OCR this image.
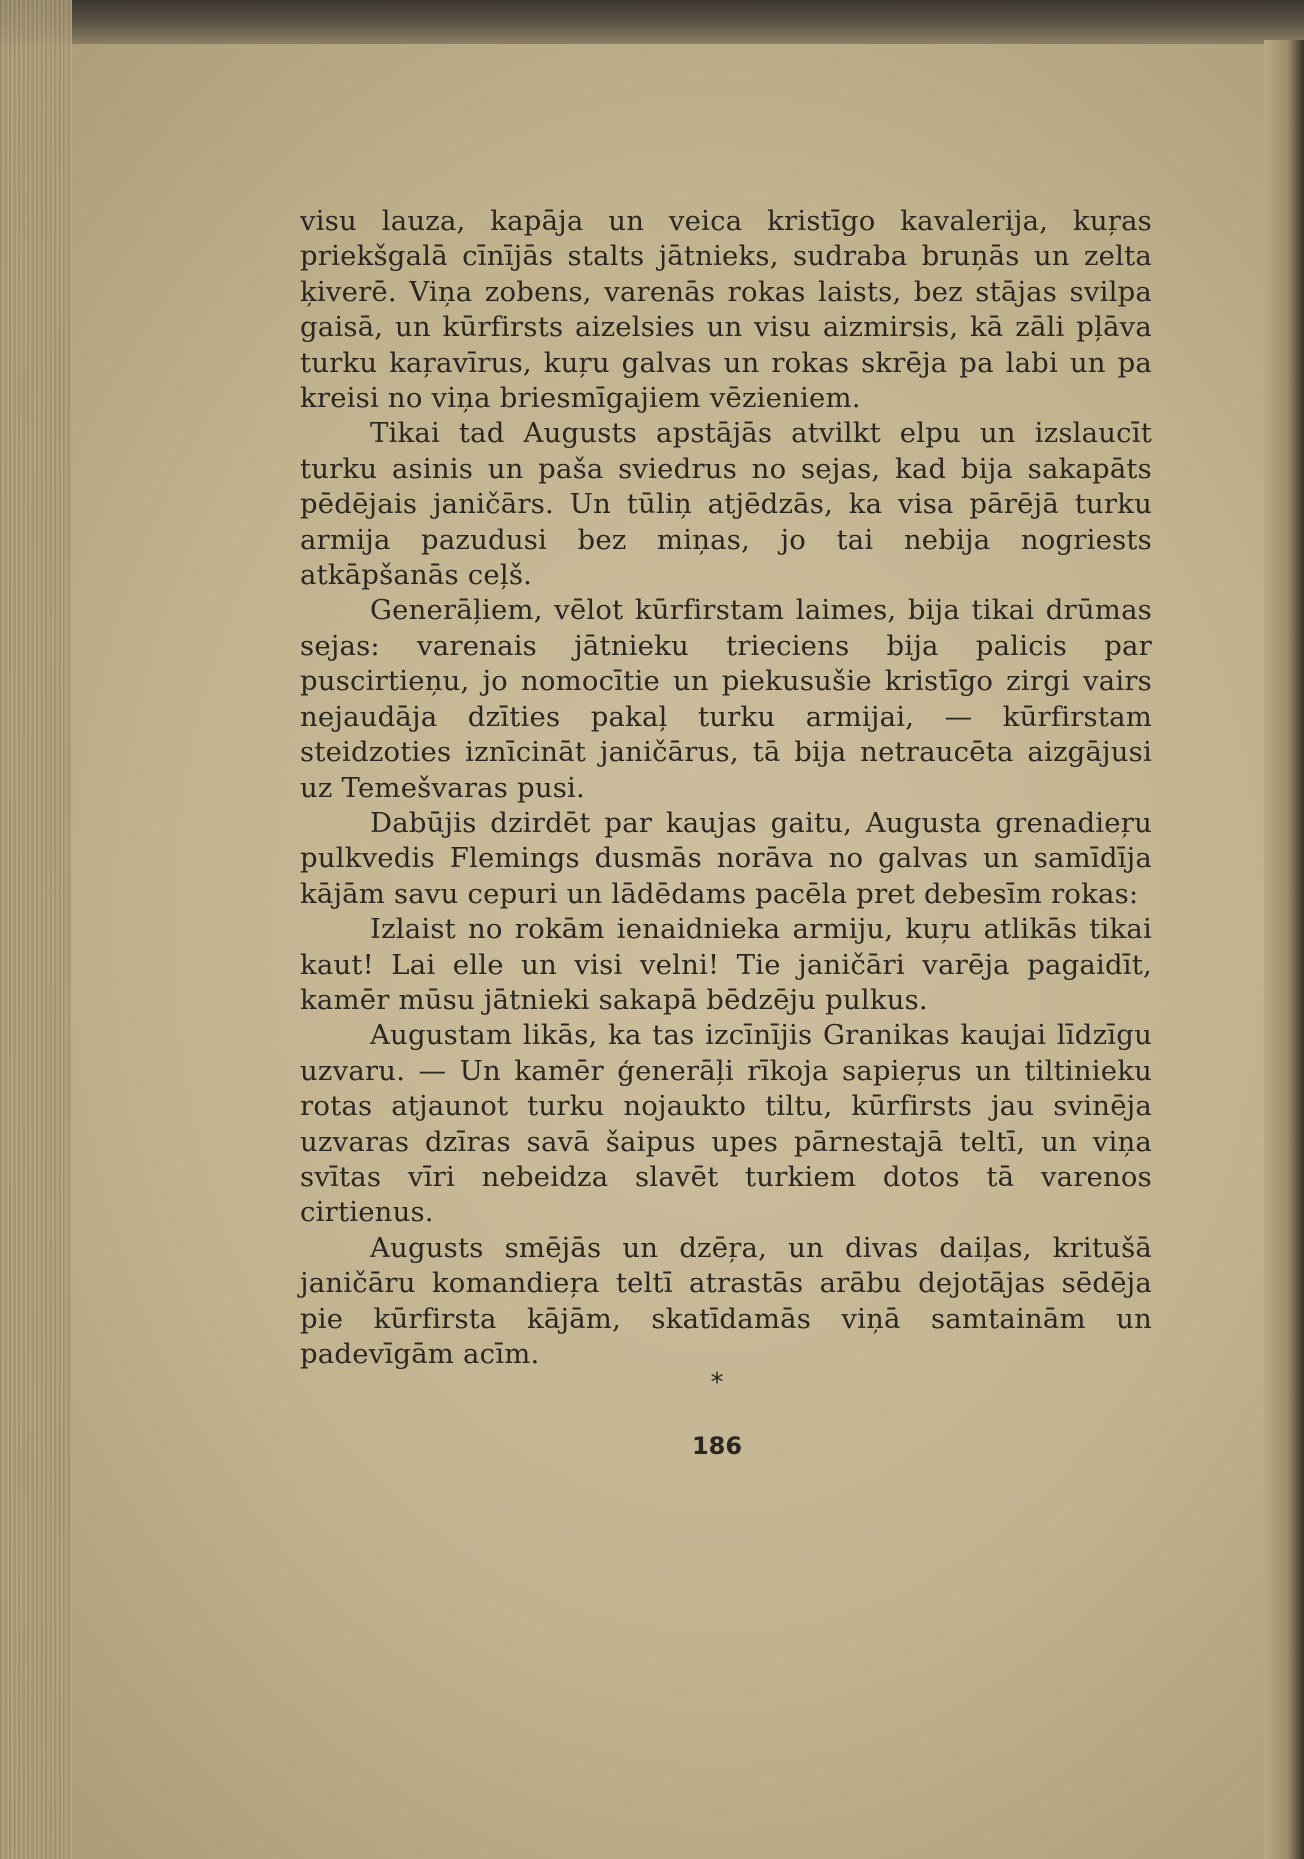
visu lauza, kapāja un veica kristīgo kavalerija, kuŗas priekšgalā cīnījās stalts jātnieks, sudraba bruņās un zelta ķiverē. Viņa zobens, varenās rokas laists, bez stājas svilpa gaisā, un kūrfirsts aizelsies un visu aizmirsis, kā zāli pļāva turku kaŗavīrus, kuŗu galvas un rokas skrēja pa labi un pa kreisi no viņa briesmīgajiem vēzieniem.

Tikai tad Augusts apstājās atvilkt elpu un izslaucīt turku asinis un paša sviedrus no sejas, kad bija sakapāts pēdējais janičārs. Un tūliņ atjēdzās, ka visa pārējā turku armija pazudusi bez miņas, jo tai nebija nogriests atkāpšanās ceļš.

Generāļiem, vēlot kūrfirstam laimes, bija tikai drūmas sejas: varenais jātnieku trieciens bija palicis par puscirtieņu, jo nomocītie un piekusušie kristīgo zirgi vairs nejaudāja dzīties pakaļ turku armijai, — kūrfirstam steidzoties iznīcināt janičārus, tā bija netraucēta aizgājusi uz Temešvaras pusi.

Dabūjis dzirdēt par kaujas gaitu, Augusta grenadieŗu pulkvedis Flemings dusmās norāva no galvas un samīdīja kājām savu cepuri un lādēdams pacēla pret debesīm rokas:

Izlaist no rokām ienaidnieka armiju, kuŗu atlikās tikai kaut! Lai elle un visi velni! Tie janičāri varēja pagaidīt, kamēr mūsu jātnieki sakapā bēdzēju pulkus.

Augustam likās, ka tas izcīnījis Granikas kaujai līdzīgu uzvaru. — Un kamēr ģenerāļi rīkoja sapieŗus un tiltinieku rotas atjaunot turku nojaukto tiltu, kūrfirsts jau svinēja uzvaras dzīras savā šaipus upes pārnestajā teltī, un viņa svītas vīri nebeidza slavēt turkiem dotos tā varenos cirtienus.

Augusts smējās un dzēŗa, un divas daiļas, kritušā janičāru komandieŗa teltī atrastās arābu dejotājas sēdēja pie kūrfirsta kājām, skatīdamās viņā samtainām un padevīgām acīm.

*
186
